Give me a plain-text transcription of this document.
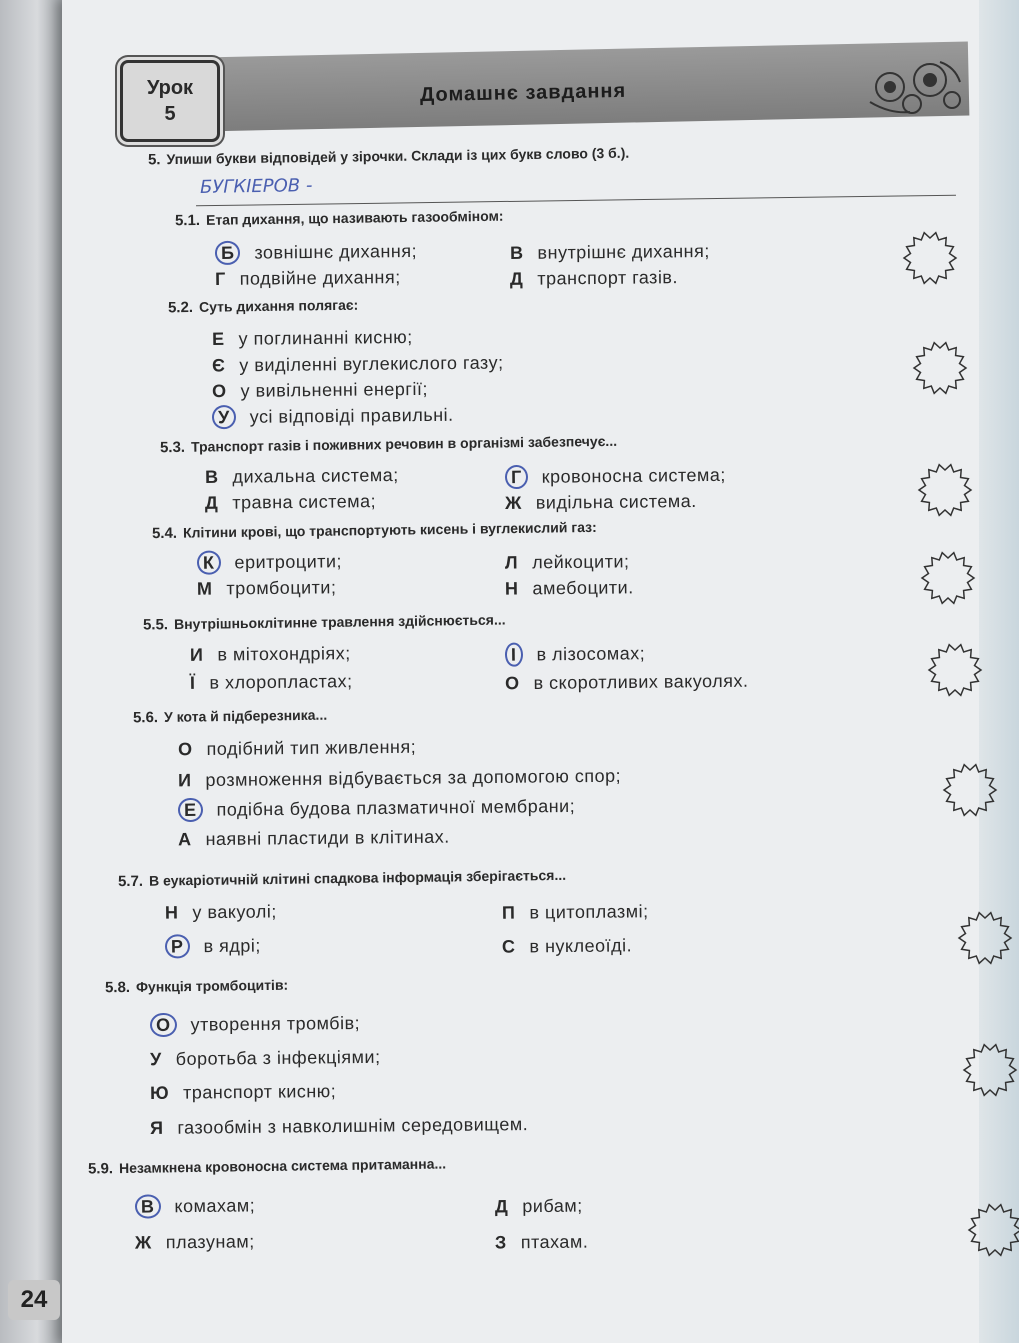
Урок
5
Домашнє завдання
5. Упиши букви відповідей у зірочки. Склади із цих букв слово (3 б.).
БУГКІЕРОВ -
5.1. Етап дихання, що називають газообміном:
Б зовнішнє дихання;	В внутрішнє дихання;
Г подвійне дихання;	Д транспорт газів.
5.2. Суть дихання полягає:
Е у поглинанні кисню;
Є у виділенні вуглекислого газу;
О у вивільненні енергії;
У усі відповіді правильні.
5.3. Транспорт газів і поживних речовин в організмі забезпечує...
В дихальна система;	Г кровоносна система;
Д травна система;	Ж видільна система.
5.4. Клітини крові, що транспортують кисень і вуглекислий газ:
К еритроцити;	Л лейкоцити;
М тромбоцити;	Н амебоцити.
5.5. Внутрішньоклітинне травлення здійснюється...
И в мітохондріях;	І в лізосомах;
Ї в хлоропластах;	О в скоротливих вакуолях.
5.6. У кота й підберезника...
О подібний тип живлення;
И розмноження відбувається за допомогою спор;
Е подібна будова плазматичної мембрани;
А наявні пластиди в клітинах.
5.7. В еукаріотичній клітині спадкова інформація зберігається...
Н у вакуолі;	П в цитоплазмі;
Р в ядрі;	С в нуклеоїді.
5.8. Функція тромбоцитів:
О утворення тромбів;
У боротьба з інфекціями;
Ю транспорт кисню;
Я газообмін з навколишнім середовищем.
5.9. Незамкнена кровоносна система притаманна...
В комахам;	Д рибам;
Ж плазунам;	З птахам.
24
